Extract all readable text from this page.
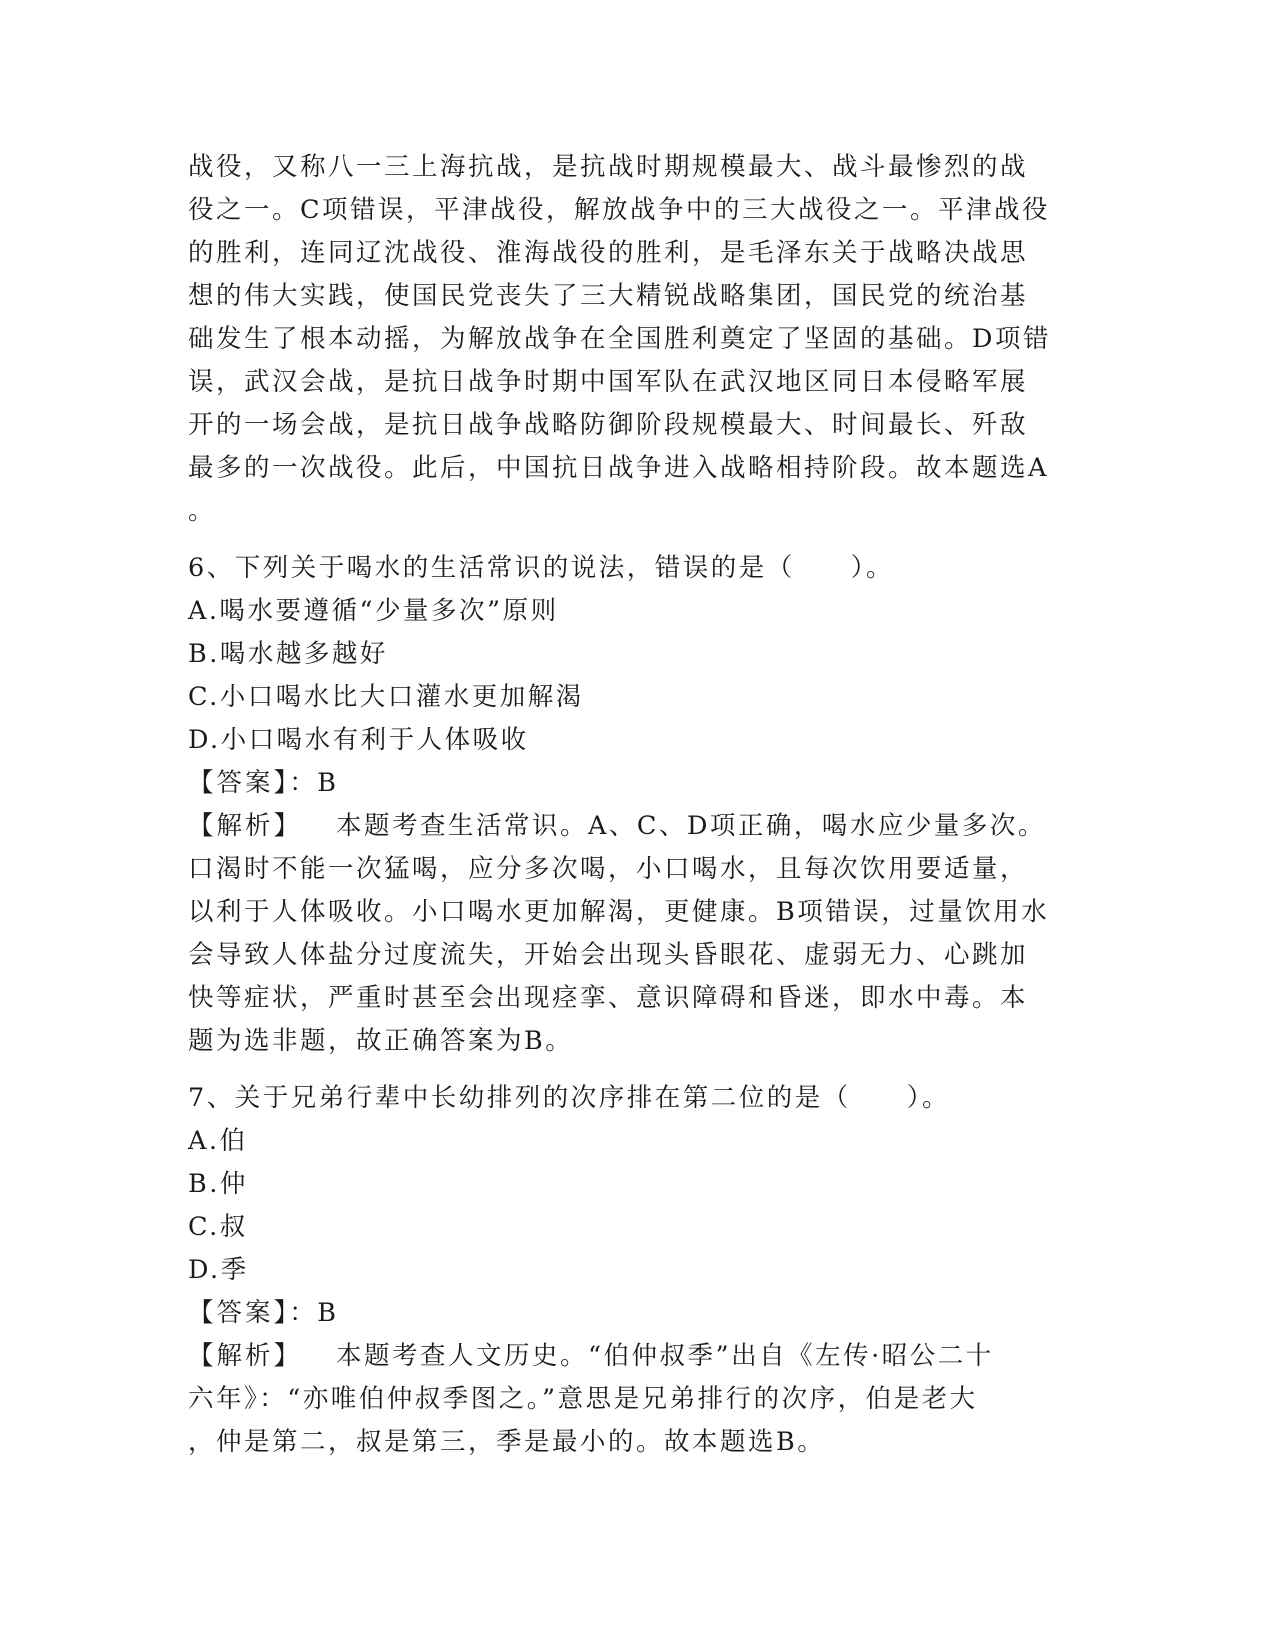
战役，又称八一三上海抗战，是抗战时期规模最大、战斗最惨烈的战

役之一。C项错误，平津战役，解放战争中的三大战役之一。平津战役

的胜利，连同辽沈战役、淮海战役的胜利，是毛泽东关于战略决战思

想的伟大实践，使国民党丧失了三大精锐战略集团，国民党的统治基

础发生了根本动摇，为解放战争在全国胜利奠定了坚固的基础。D项错

误，武汉会战，是抗日战争时期中国军队在武汉地区同日本侵略军展

开的一场会战，是抗日战争战略防御阶段规模最大、时间最长、歼敌

最多的一次战役。此后，中国抗日战争进入战略相持阶段。故本题选A

。

6、下列关于喝水的生活常识的说法，错误的是（　　）。

A.喝水要遵循“少量多次”原则

B.喝水越多越好

C.小口喝水比大口灌水更加解渴

D.小口喝水有利于人体吸收

【答案】：B

【解析】 本题考查生活常识。A、C、D项正确，喝水应少量多次。

口渴时不能一次猛喝，应分多次喝，小口喝水，且每次饮用要适量，

以利于人体吸收。小口喝水更加解渴，更健康。B项错误，过量饮用水

会导致人体盐分过度流失，开始会出现头昏眼花、虚弱无力、心跳加

快等症状，严重时甚至会出现痉挛、意识障碍和昏迷，即水中毒。本

题为选非题，故正确答案为B。

7、关于兄弟行辈中长幼排列的次序排在第二位的是（　　）。

A.伯

B.仲

C.叔

D.季

【答案】：B

【解析】 本题考查人文历史。“伯仲叔季”出自《左传·昭公二十

六年》：“亦唯伯仲叔季图之。”意思是兄弟排行的次序，伯是老大

，仲是第二，叔是第三，季是最小的。故本题选B。
